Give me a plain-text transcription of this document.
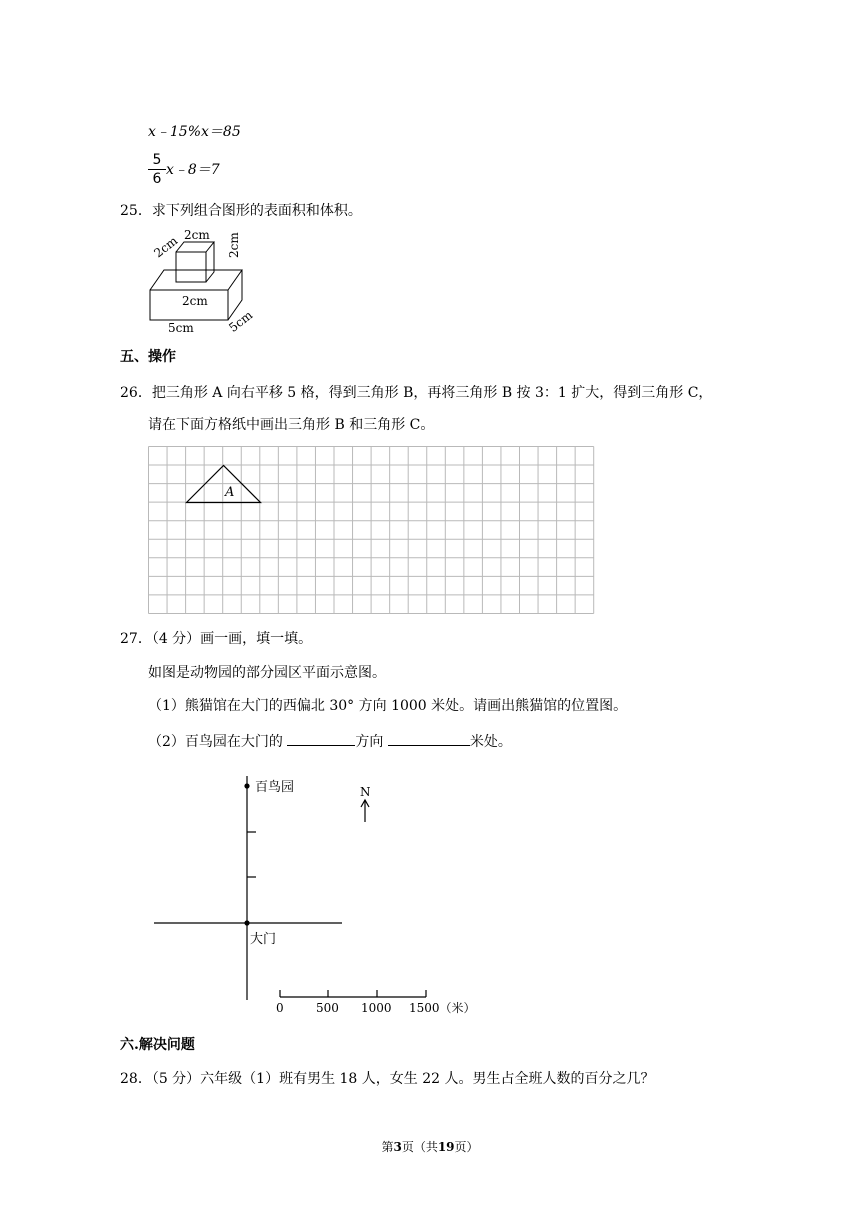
x﹣15%x＝85
5
6
x﹣8＝7
25．求下列组合图形的表面积和体积。
2cm 2cm 2cm
2cm
5cm	5cm
五、操作
26．把三角形 A 向右平移 5 格，得到三角形 B，再将三角形 B 按 3：1 扩大，得到三角形 C，
请在下面方格纸中画出三角形 B 和三角形 C。
A
27．（4 分）画一画，填一填。
如图是动物园的部分园区平面示意图。
（1）熊猫馆在大门的西偏北 30° 方向 1000 米处。请画出熊猫馆的位置图。
（2）百鸟园在大门的	方向	米处。
百鸟园	N
大门
0	500 1000 1500（米）
六.解决问题
28．（5 分）六年级（1）班有男生 18 人，女生 22 人。男生占全班人数的百分之几？
第3页（共19页）
